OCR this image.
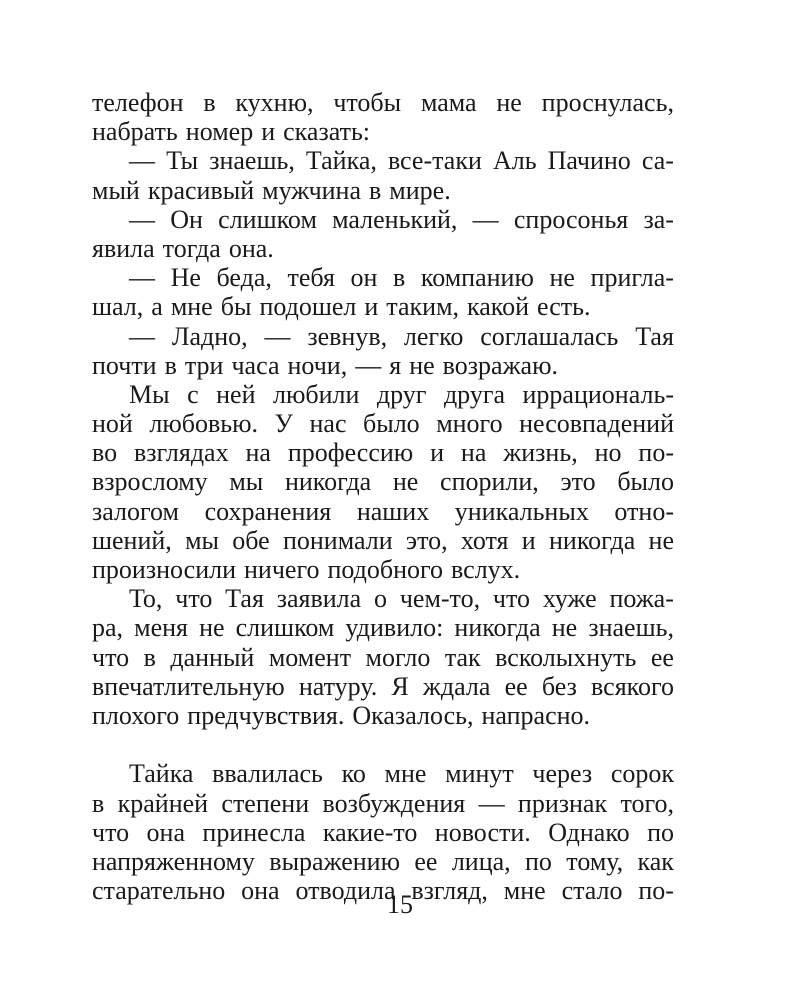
телефон в кухню, чтобы мама не проснулась,
набрать номер и сказать:
— Ты знаешь, Тайка, все-таки Аль Пачино са-
мый красивый мужчина в мире.
— Он слишком маленький, — спросонья за-
явила тогда она.
— Не беда, тебя он в компанию не пригла-
шал, а мне бы подошел и таким, какой есть.
— Ладно, — зевнув, легко соглашалась Тая
почти в три часа ночи, — я не возражаю.
Мы с ней любили друг друга иррациональ-
ной любовью. У нас было много несовпадений
во взглядах на профессию и на жизнь, но по-
взрослому мы никогда не спорили, это было
залогом сохранения наших уникальных отно-
шений, мы обе понимали это, хотя и никогда не
произносили ничего подобного вслух.
То, что Тая заявила о чем-то, что хуже пожа-
ра, меня не слишком удивило: никогда не знаешь,
что в данный момент могло так всколыхнуть ее
впечатлительную натуру. Я ждала ее без всякого
плохого предчувствия. Оказалось, напрасно.
Тайка ввалилась ко мне минут через сорок
в крайней степени возбуждения — признак того,
что она принесла какие-то новости. Однако по
напряженному выражению ее лица, по тому, как
старательно она отводила взгляд, мне стало по-
15
